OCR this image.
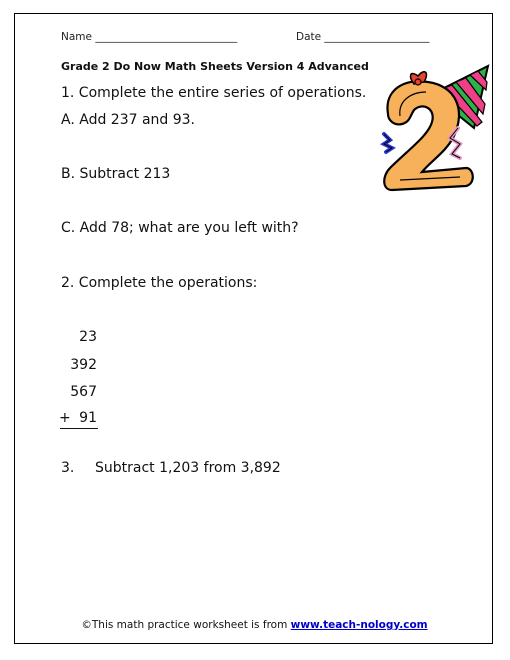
Name ___________________________	Date ____________________
Grade 2 Do Now Math Sheets Version 4 Advanced
1. Complete the entire series of operations.
A. Add 237 and 93.
B. Subtract 213
C. Add 78; what are you left with?
2. Complete the operations:
23
392
567
+ 91
3. Subtract 1,203 from 3,892
©This math practice worksheet is from www.teach-nology.com
